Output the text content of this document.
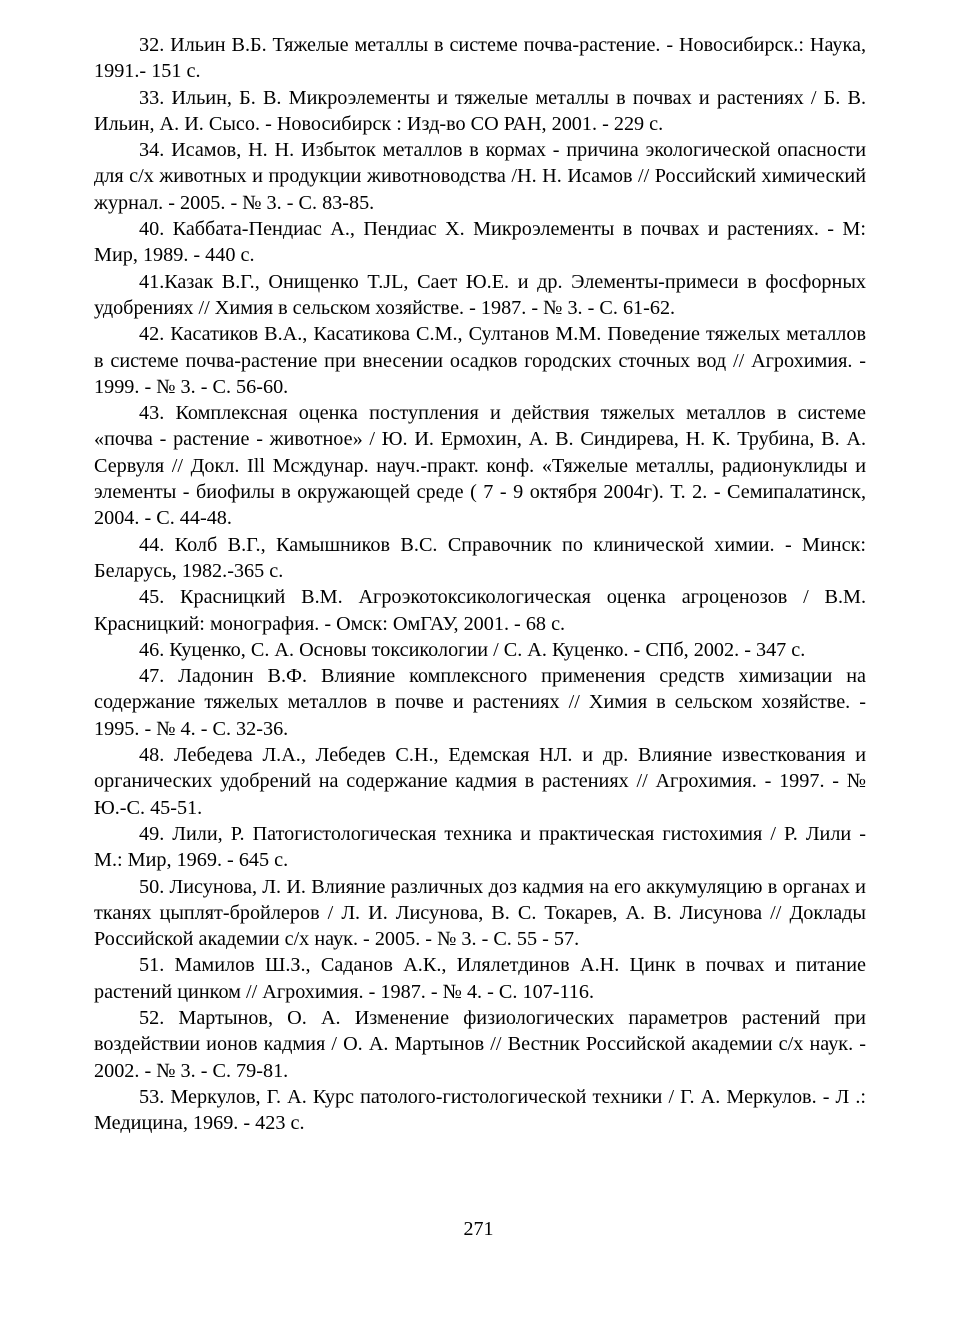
32. Ильин В.Б. Тяжелые металлы в системе почва-растение. - Новосибирск.: Наука, 1991.- 151 с.

33. Ильин, Б. В. Микроэлементы и тяжелые металлы в почвах и растениях / Б. В. Ильин, А. И. Сысо. - Новосибирск : Изд-во СО РАН, 2001. - 229 с.

34. Исамов, Н. Н. Избыток металлов в кормах - причина экологической опасности для с/х животных и продукции животноводства /Н. Н. Исамов // Российский химический журнал. - 2005. - № 3. - С. 83-85.

40. Каббата-Пендиас А., Пендиас X. Микроэлементы в почвах и растениях. - М: Мир, 1989. - 440 с.

41.Казак В.Г., Онищенко T.JL, Сает Ю.Е. и др. Элементы-примеси в фосфорных удобрениях // Химия в сельском хозяйстве. - 1987. - № 3. - С. 61-62.

42. Касатиков В.А., Касатикова С.М., Султанов М.М. Поведение тяжелых металлов в системе почва-растение при внесении осадков городских сточных вод // Агрохимия. - 1999. - № 3. - С. 56-60.

43. Комплексная оценка поступления и действия тяжелых металлов в системе «почва - растение - животное» / Ю. И. Ермохин, А. В. Синдирева, Н. К. Трубина, В. А. Сервуля // Докл. Ill Мсждунар. науч.-практ. конф. «Тяжелые металлы, радионуклиды и элементы - биофилы в окружающей среде ( 7 - 9 октября 2004г). Т. 2. - Семипалатинск, 2004. - С. 44-48.

44. Колб В.Г., Камышников В.С. Справочник по клинической химии. - Минск: Беларусь, 1982.-365 с.

45. Красницкий В.М. Агроэкотоксикологическая оценка агроценозов / В.М. Красницкий: монография. - Омск: ОмГАУ, 2001. - 68 с.

46. Куценко, С. А. Основы токсикологии / С. А. Куценко. - СПб, 2002. - 347 с.

47. Ладонин В.Ф. Влияние комплексного применения средств химизации на содержание тяжелых металлов в почве и растениях // Химия в сельском хозяйстве. - 1995. - № 4. - С. 32-36.

48. Лебедева Л.А., Лебедев С.Н., Едемская НЛ. и др. Влияние известкования и органических удобрений на содержание кадмия в растениях // Агрохимия. - 1997. - № Ю.-С. 45-51.

49. Лили, Р. Патогистологическая техника и практическая гистохимия / Р. Лили - М.: Мир, 1969. - 645 с.

50. Лисунова, Л. И. Влияние различных доз кадмия на его аккумуляцию в органах и тканях цыплят-бройлеров / Л. И. Лисунова, В. С. Токарев, А. В. Лисунова // Доклады Российской академии с/х наук. - 2005. - № 3. - С. 55 - 57.

51. Мамилов Ш.З., Саданов А.К., Илялетдинов А.Н. Цинк в почвах и питание растений цинком // Агрохимия. - 1987. - № 4. - С. 107-116.

52. Мартынов, О. А. Изменение физиологических параметров растений при воздействии ионов кадмия / О. А. Мартынов // Вестник Российской академии с/х наук. - 2002. - № 3. - С. 79-81.

53. Меркулов, Г. А. Курс патолого-гистологической техники / Г. А. Меркулов. - Л .: Медицина, 1969. - 423 с.

271
